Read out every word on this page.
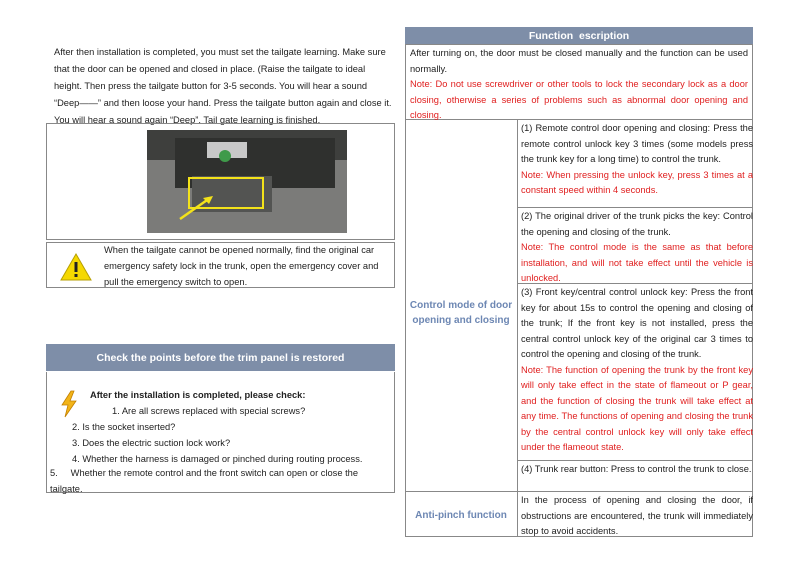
After then installation is completed, you must set the tailgate learning. Make sure that the door can be opened and closed in place. (Raise the tailgate to ideal height. Then press the tailgate button for 3-5 seconds. You will hear a sound “Deep——” and then loose your hand. Press the tailgate button again and close it. You will hear a sound again “Deep”. Tail gate learning is finished.
When the tailgate cannot be opened normally, find the original car emergency safety lock in the trunk, open the emergency cover and pull the emergency switch to open.
Check the points before the trim panel is restored
After the installation is completed, please check:
1. Are all screws replaced with special screws?
2. Is the socket inserted?
3. Does the electric suction lock work?
4. Whether the harness is damaged or pinched during routing process.
5.     Whether the remote control and the front switch can open or close the tailgate.
Function  escription
After turning on, the door must be closed manually and the function can be used normally.
Note: Do not use screwdriver or other tools to lock the secondary lock as a door closing, otherwise a series of problems such as abnormal door opening and closing.
Control mode of door opening and closing
Anti-pinch function
(1) Remote control door opening and closing: Press the remote control unlock key 3 times (some models press the trunk key for a long time) to control the trunk.
Note: When pressing the unlock key, press 3 times at a constant speed within 4 seconds.
(2) The original driver of the trunk picks the key: Control the opening and closing of the trunk.
Note: The control mode is the same as that before installation, and will not take effect until the vehicle is unlocked.
(3) Front key/central control unlock key: Press the front key for about 15s to control the opening and closing of the trunk; If the front key is not installed, press the central control unlock key of the original car 3 times to control the opening and closing of the trunk.
Note: The function of opening the trunk by the front key will only take effect in the state of flameout or P gear, and the function of closing the trunk will take effect at any time. The functions of opening and closing the trunk by the central control unlock key will only take effect under the flameout state.
(4) Trunk rear button: Press to control the trunk to close.
In the process of opening and closing the door, if obstructions are encountered, the trunk will immediately stop to avoid accidents.
